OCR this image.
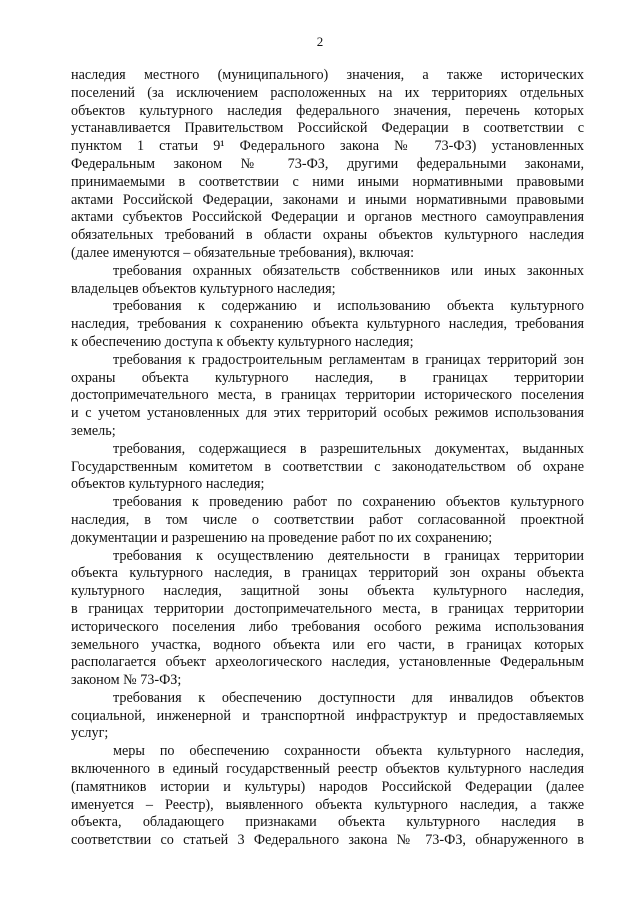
2

наследия местного (муниципального) значения, а также исторических

поселений (за исключением расположенных на их территориях отдельных

объектов культурного наследия федерального значения, перечень которых

устанавливается Правительством Российской Федерации в соответствии с

пунктом 1 статьи 9¹ Федерального закона № 73-ФЗ) установленных

Федеральным законом № 73-ФЗ, другими федеральными законами,

принимаемыми в соответствии с ними иными нормативными правовыми

актами Российской Федерации, законами и иными нормативными правовыми

актами субъектов Российской Федерации и органов местного самоуправления

обязательных требований в области охраны объектов культурного наследия

(далее именуются – обязательные требования), включая:

требования охранных обязательств собственников или иных законных

владельцев объектов культурного наследия;

требования к содержанию и использованию объекта культурного

наследия, требования к сохранению объекта культурного наследия, требования

к обеспечению доступа к объекту культурного наследия;

требования к градостроительным регламентам в границах территорий зон

охраны объекта культурного наследия, в границах территории

достопримечательного места, в границах территории исторического поселения

и с учетом установленных для этих территорий особых режимов использования

земель;

требования, содержащиеся в разрешительных документах, выданных

Государственным комитетом в соответствии с законодательством об охране

объектов культурного наследия;

требования к проведению работ по сохранению объектов культурного

наследия, в том числе о соответствии работ согласованной проектной

документации и разрешению на проведение работ по их сохранению;

требования к осуществлению деятельности в границах территории

объекта культурного наследия, в границах территорий зон охраны объекта

культурного наследия, защитной зоны объекта культурного наследия,

в границах территории достопримечательного места, в границах территории

исторического поселения либо требования особого режима использования

земельного участка, водного объекта или его части, в границах которых

располагается объект археологического наследия, установленные Федеральным

законом № 73-ФЗ;

требования к обеспечению доступности для инвалидов объектов

социальной, инженерной и транспортной инфраструктур и предоставляемых

услуг;

меры по обеспечению сохранности объекта культурного наследия,

включенного в единый государственный реестр объектов культурного наследия

(памятников истории и культуры) народов Российской Федерации (далее

именуется – Реестр), выявленного объекта культурного наследия, а также

объекта, обладающего признаками объекта культурного наследия в

соответствии со статьей 3 Федерального закона № 73-ФЗ, обнаруженного в
